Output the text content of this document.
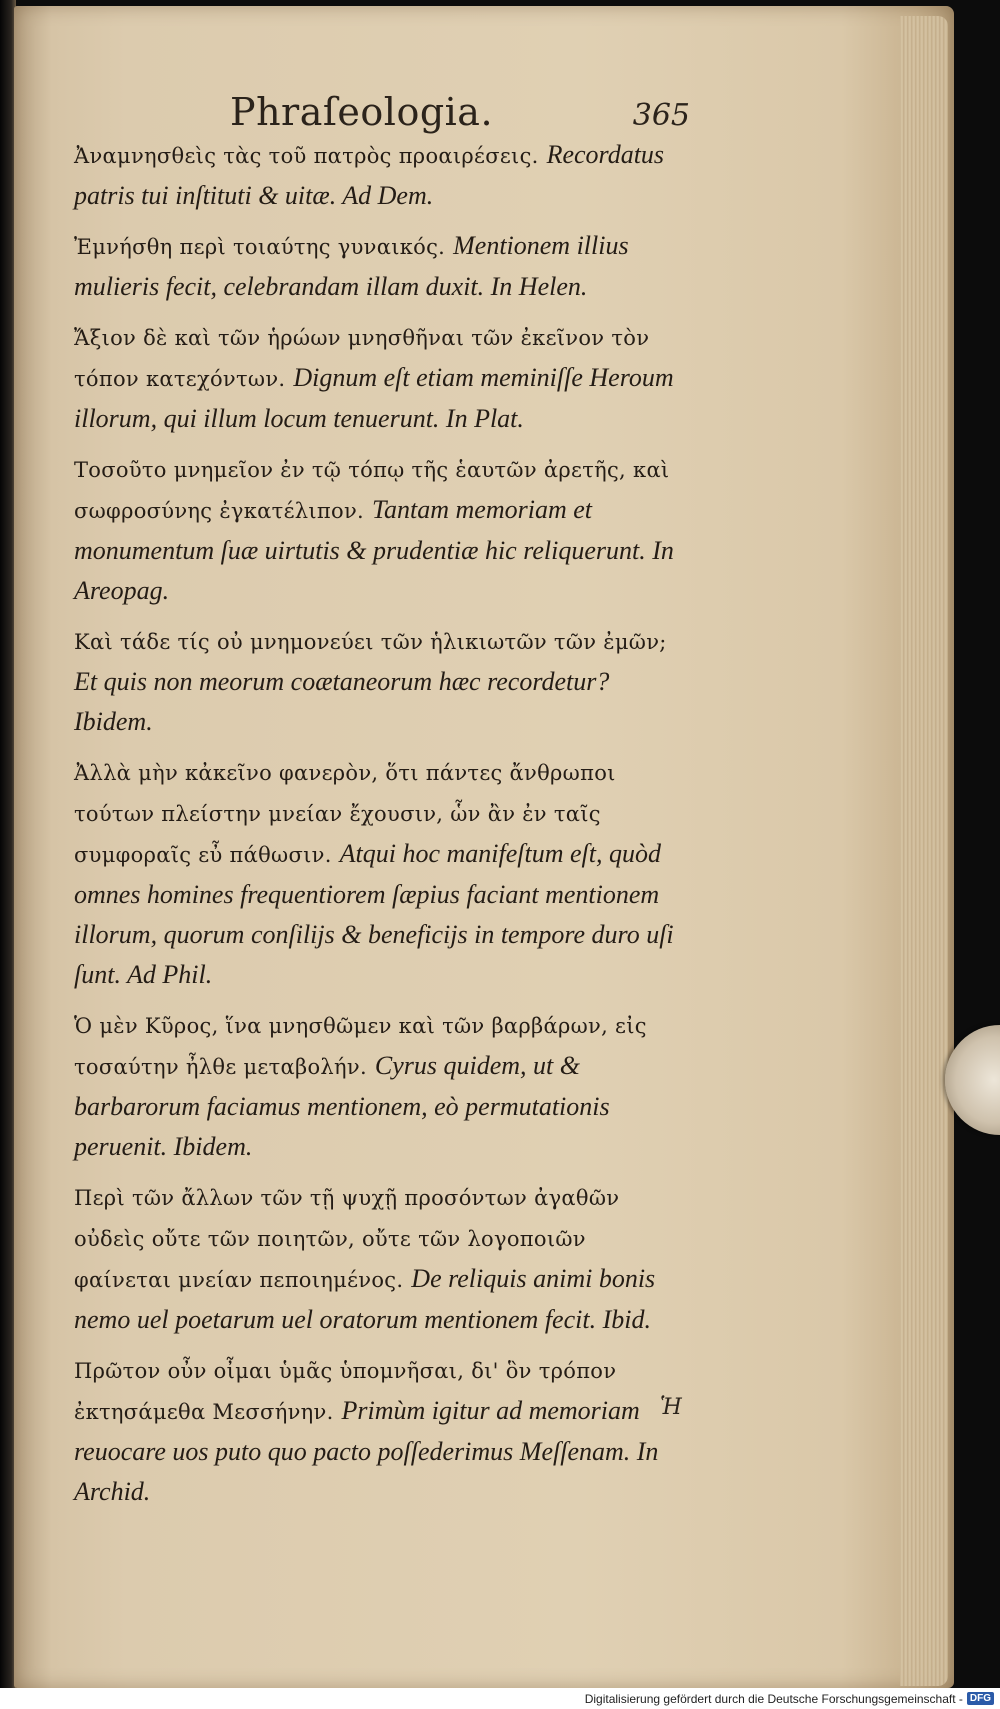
Phraſeologia.	365

Ἀναμνησθεὶς τὰς τοῦ πατρὸς προαιρέσεις. Recordatus patris tui inſtituti & uitæ. Ad Dem.

Ἐμνήσθη περὶ τοιαύτης γυναικός. Mentionem illius mulieris fecit, celebrandam illam duxit. In Helen.

Ἄξιον δὲ καὶ τῶν ἡρώων μνησθῆναι τῶν ἐκεῖνον τὸν τόπον κατεχόντων. Dignum eſt etiam meminiſſe Heroum illorum, qui illum locum tenuerunt. In Plat.

Τοσοῦτο μνημεῖον ἐν τῷ τόπῳ τῆς ἑαυτῶν ἀρετῆς, καὶ σωφροσύνης ἐγκατέλιπον. Tantam memoriam et monumentum ſuæ uirtutis & prudentiæ hic reliquerunt. In Areopag.

Καὶ τάδε τίς οὐ μνημονεύει τῶν ἡλικιωτῶν τῶν ἐμῶν; Et quis non meorum coætaneorum hæc recordetur? Ibidem.

Ἀλλὰ μὴν κἀκεῖνο φανερὸν, ὅτι πάντες ἄνθρωποι τούτων πλείστην μνείαν ἔχουσιν, ὧν ἂν ἐν ταῖς συμφοραῖς εὖ πάθωσιν. Atqui hoc manifeſtum eſt, quòd omnes homines frequentiorem ſæpius faciant mentionem illorum, quorum conſilijs & beneficijs in tempore duro uſi ſunt. Ad Phil.

Ὁ μὲν Κῦρος, ἵνα μνησθῶμεν καὶ τῶν βαρβάρων, εἰς τοσαύτην ἦλθε μεταβολήν. Cyrus quidem, ut & barbarorum faciamus mentionem, eò permutationis peruenit. Ibidem.

Περὶ τῶν ἄλλων τῶν τῇ ψυχῇ προσόντων ἀγαθῶν οὐδεὶς οὔτε τῶν ποιητῶν, οὔτε τῶν λογοποιῶν φαίνεται μνείαν πεποιημένος. De reliquis animi bonis nemo uel poetarum uel oratorum mentionem fecit. Ibid.

Πρῶτον οὖν οἶμαι ὑμᾶς ὑπομνῆσαι, δι' ὃν τρόπον ἐκτησάμεθα Μεσσήνην. Primùm igitur ad memoriam reuocare uos puto quo pacto poſſederimus Meſſenam. In Archid.

Ἡ
Digitalisierung gefördert durch die Deutsche Forschungsgemeinschaft - DFG
